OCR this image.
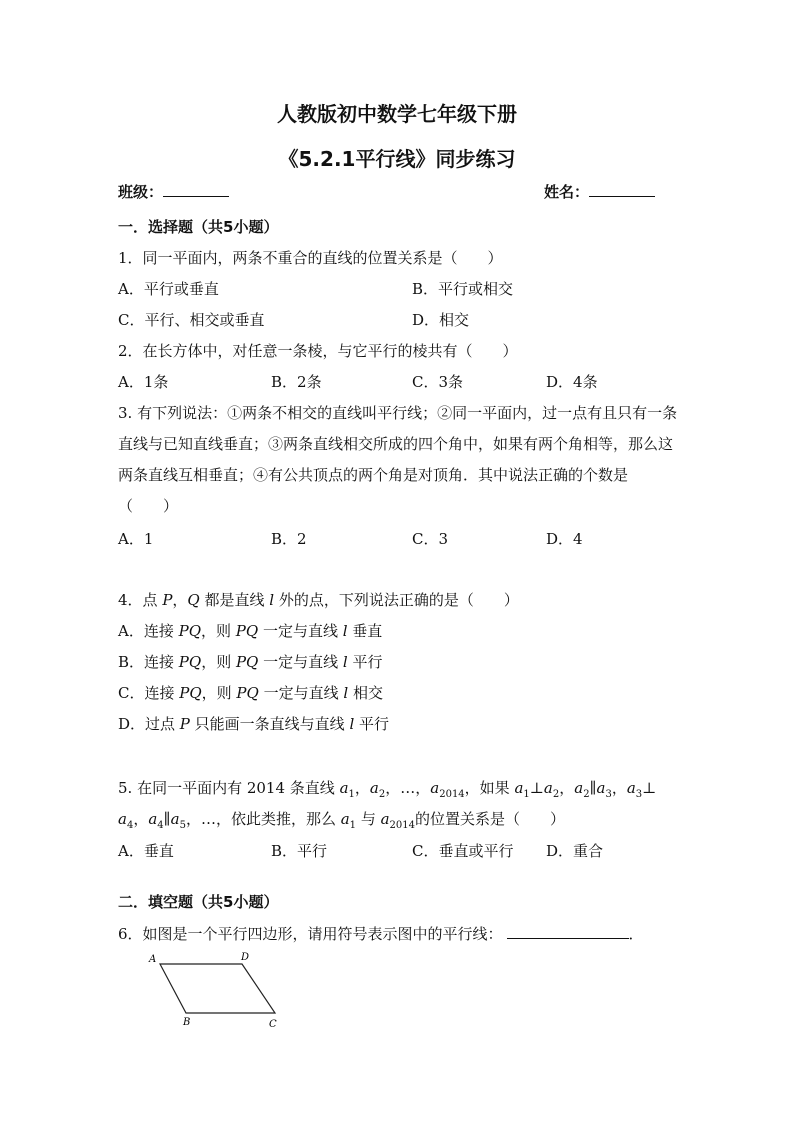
人教版初中数学七年级下册
《5.2.1平行线》同步练习
班级：	姓名：
一．选择题（共5小题）
1．同一平面内，两条不重合的直线的位置关系是（　　）
A．平行或垂直	B．平行或相交
C．平行、相交或垂直	D．相交
2．在长方体中，对任意一条棱，与它平行的棱共有（　　）
A．1条	B．2条	C．3条	D．4条
3. 有下列说法：①两条不相交的直线叫平行线；②同一平面内，过一点有且只有一条直线与已知直线垂直；③两条直线相交所成的四个角中，如果有两个角相等，那么这两条直线互相垂直；④有公共顶点的两个角是对顶角．其中说法正确的个数是（　　）
A．1	B．2	C．3	D．4
4．点 P，Q 都是直线 l 外的点，下列说法正确的是（　　）
A．连接 PQ，则 PQ 一定与直线 l 垂直
B．连接 PQ，则 PQ 一定与直线 l 平行
C．连接 PQ，则 PQ 一定与直线 l 相交
D．过点 P 只能画一条直线与直线 l 平行
5. 在同一平面内有 2014 条直线 $a_1$，$a_2$，…，$a_{2014}$，如果 $a_1\perp a_2$，$a_2\parallel a_3$，$a_3\perp$
$a_4$，$a_4\parallel a_5$，…，依此类推，那么 $a_1$ 与 $a_{2014}$的位置关系是（　　）
A．垂直	B．平行	C．垂直或平行 D．重合
二．填空题（共5小题）
6．如图是一个平行四边形，请用符号表示图中的平行线：	．
A	D
B	C
